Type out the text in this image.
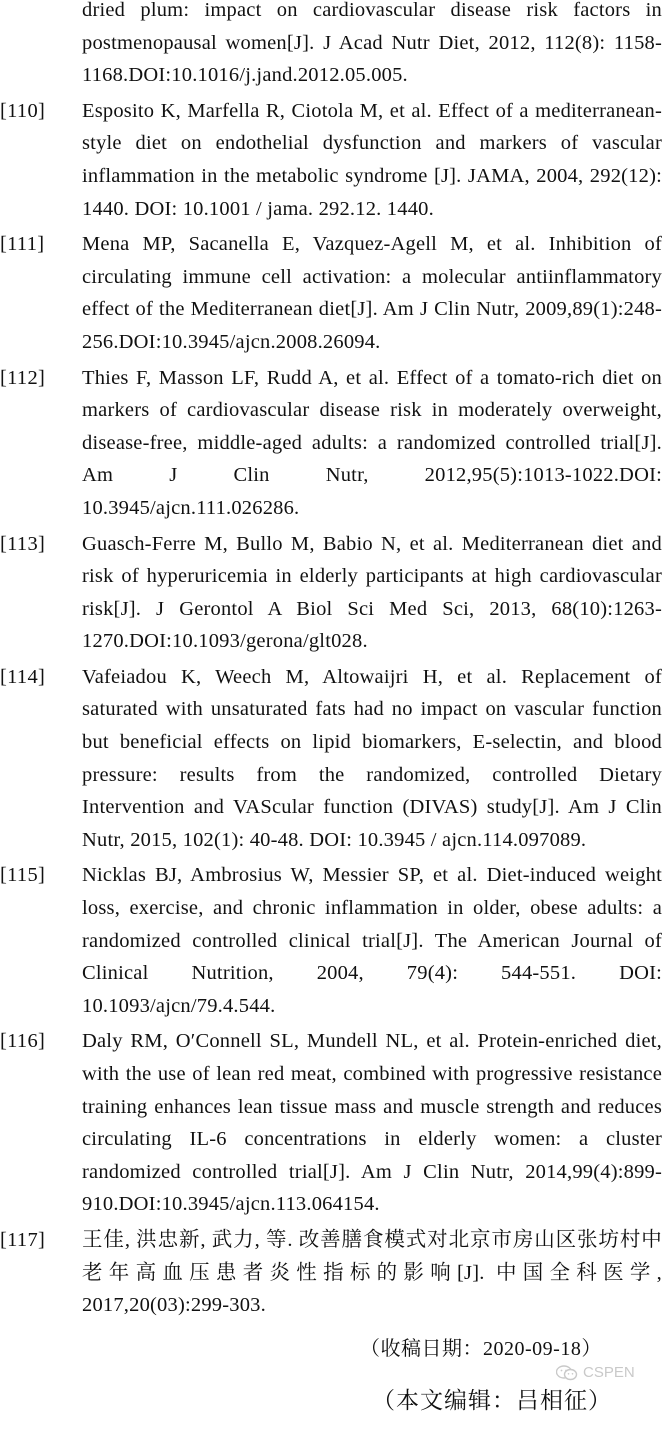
dried plum: impact on cardiovascular disease risk factors in postmenopausal women[J]. J Acad Nutr Diet, 2012, 112(8): 1158-1168.DOI:10.1016/j.jand.2012.05.005.
[110]	Esposito K, Marfella R, Ciotola M, et al. Effect of a mediterranean-style diet on endothelial dysfunction and markers of vascular inflammation in the metabolic syndrome [J]. JAMA, 2004, 292(12): 1440. DOI: 10.1001 / jama. 292.12. 1440.
[111]	Mena MP, Sacanella E, Vazquez-Agell M, et al. Inhibition of circulating immune cell activation: a molecular antiinflammatory effect of the Mediterranean diet[J]. Am J Clin Nutr, 2009,89(1):248-256.DOI:10.3945/ajcn.2008.26094.
[112]	Thies F, Masson LF, Rudd A, et al. Effect of a tomato-rich diet on markers of cardiovascular disease risk in moderately overweight, disease-free, middle-aged adults: a randomized controlled trial[J]. Am J Clin Nutr, 2012,95(5):1013-1022.DOI: 10.3945/ajcn.111.026286.
[113]	Guasch-Ferre M, Bullo M, Babio N, et al. Mediterranean diet and risk of hyperuricemia in elderly participants at high cardiovascular risk[J]. J Gerontol A Biol Sci Med Sci, 2013, 68(10):1263-1270.DOI:10.1093/gerona/glt028.
[114]	Vafeiadou K, Weech M, Altowaijri H, et al. Replacement of saturated with unsaturated fats had no impact on vascular function but beneficial effects on lipid biomarkers, E-selectin, and blood pressure: results from the randomized, controlled Dietary Intervention and VAScular function (DIVAS) study[J]. Am J Clin Nutr, 2015, 102(1): 40-48. DOI: 10.3945 / ajcn.114.097089.
[115]	Nicklas BJ, Ambrosius W, Messier SP, et al. Diet-induced weight loss, exercise, and chronic inflammation in older, obese adults: a randomized controlled clinical trial[J]. The American Journal of Clinical Nutrition, 2004, 79(4): 544-551. DOI: 10.1093/ajcn/79.4.544.
[116]	Daly RM, O′Connell SL, Mundell NL, et al. Protein-enriched diet, with the use of lean red meat, combined with progressive resistance training enhances lean tissue mass and muscle strength and reduces circulating IL-6 concentrations in elderly women: a cluster randomized controlled trial[J]. Am J Clin Nutr, 2014,99(4):899-910.DOI:10.3945/ajcn.113.064154.
[117]	王佳, 洪忠新, 武力, 等. 改善膳食模式对北京市房山区张坊村中老年高血压患者炎性指标的影响[J]. 中国全科医学, 2017,20(03):299-303.
（收稿日期：2020-09-18）
CSPEN
（本文编辑：吕相征）
